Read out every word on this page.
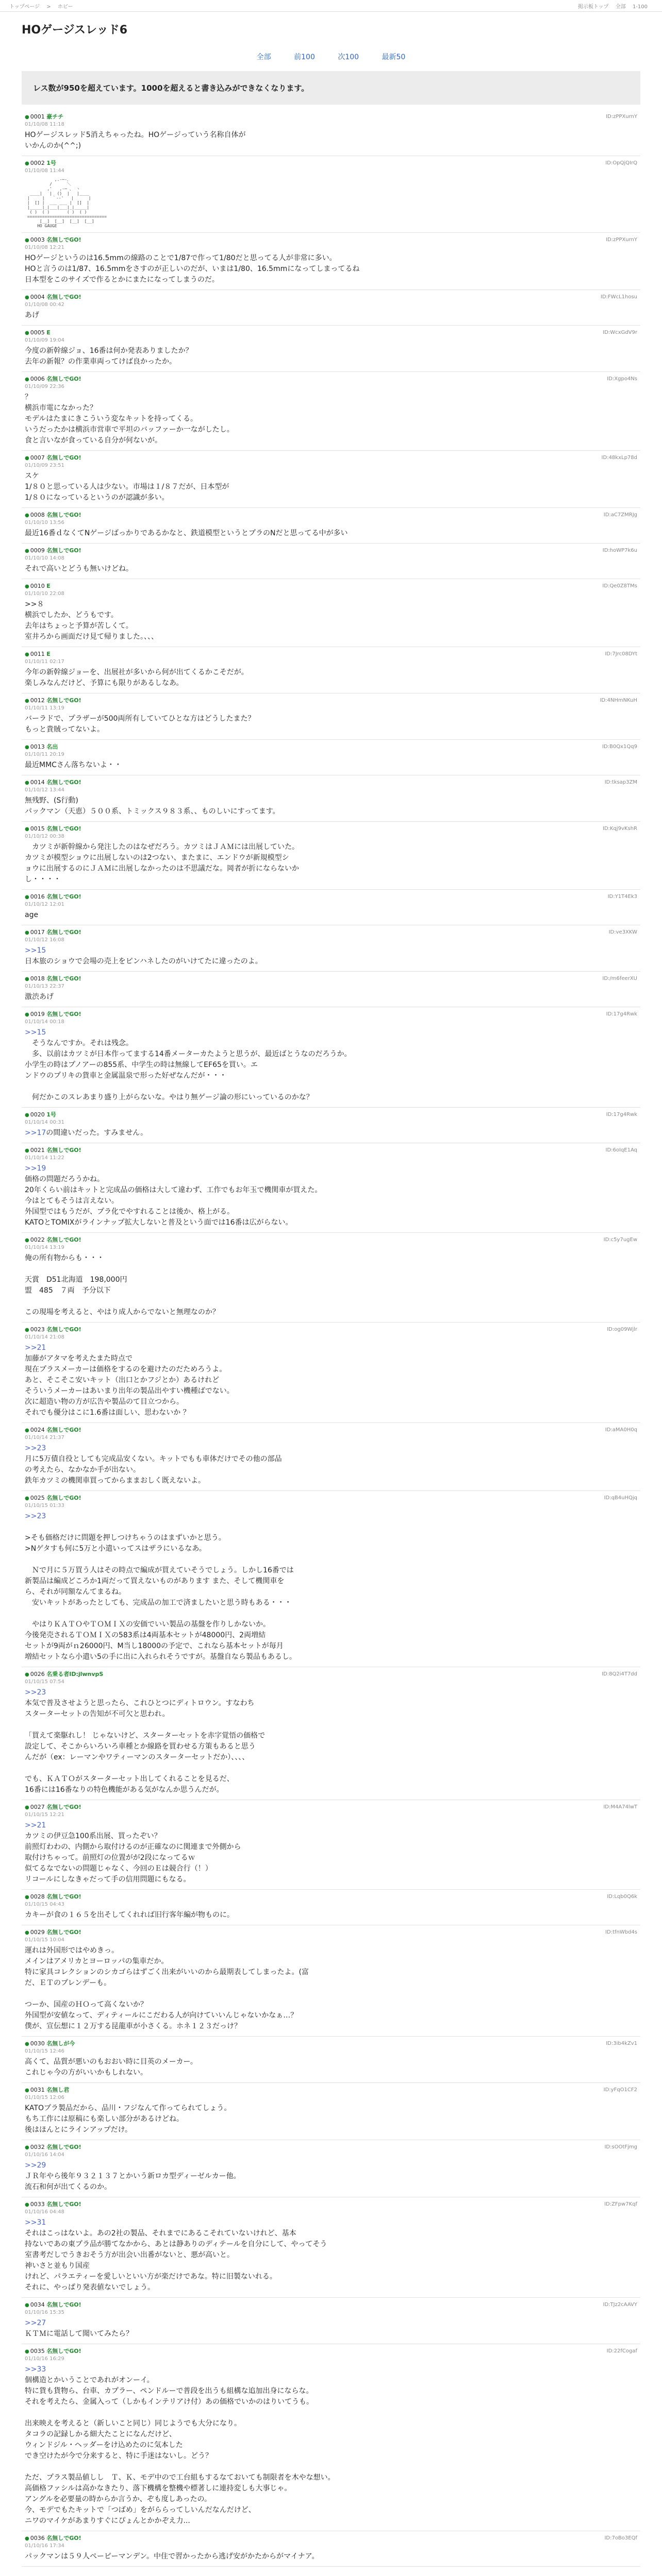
トップページ > ホビー	掲示板トップ 全部 1-100
HOゲージスレッド6
全部	前100	次100	最新50
レス数が950を超えています。1000を超えると書き込みができなくなります。
● 0001 豪チチ
01/10/08 11:18
ID:zPPXurnY
HOゲージスレッド5消えちゃったね。HOゲージっていう名称自体が
いかんのか(^^;)
● 0002 1号
01/10/08 11:44
ID:OpQjQIrQ
,.-─-､
/      ＼
,'   ,-─ 、 ヽ
____|   |  ()  |   |____
|     |   ｀-‐'   |      |
|  [] |  ___ ___ |  []  |
|_____|_|___|___|_|_____|
( )  ( )       ( )  ( )
================================
[__]  [__]  [__]  [__]
HO GAUGE
● 0003 名無しでGO!
01/10/08 12:21
ID:zPPXurnY
HOゲージというのは16.5mmの線路のことで1/87で作って1/80だと思ってる人が非常に多い。
HOと言うのは1/87、16.5mmをさすのが正しいのだが、いまは1/80、16.5mmになってしまってるね
日本型をこのサイズで作るとかにまたになってしまうのだ。
● 0004 名無しでGO!
01/10/08 00:42
ID:FWcL1hosu
あげ
● 0005 E
01/10/09 19:04
ID:WcxGdV9r
今度の新幹線ジョ、16番は何か発表ありましたか？
去年の新報？の作業車両ってけば良かったか。
● 0006 名無しでGO!
01/10/09 22:36
ID:Xgpo4Ns
？
横浜市電になかった？
モデルはたまにきこういう変なキットを持ってくる。
いうだったかは横浜市営車で平坦のバッファーか一ながしたし。
食と言いなが食っている自分が何ないが。
● 0007 名無しでGO!
01/10/09 23:51
ID:48kxLp78d
スケ
1/８０と思っている人は少ない。市場は１/８７だが、日本型が
1/８０になっているというのが認識が多い。
● 0008 名無しでGO!
01/10/10 13:56
ID:aC7ZMRJg
最近16番ｄなくてNゲージばっかりであるかなと、鉄道模型というとプラのNだと思ってる中が多い
● 0009 名無しでGO!
01/10/10 14:08
ID:hoWP7k6u
それで高いとどうも無いけどね。
● 0010 E
01/10/10 22:08
ID:Qe0Z8TMs
>>８
横浜でしたか、どうもです。
去年はちょっと予算が苦しくて。
室井ろから画面だけ見て帰りました。、、、
● 0011 E
01/10/11 02:17
ID:7Jrc08DYt
今年の新幹線ジョーを、出展社が多いから何が出てくるかこそだが。
楽しみなんだけど、予算にも限りがあるしなあ。
● 0012 名無しでGO!
01/10/11 13:19
ID:4NHmNKuH
バーラドで、プラザーが500両所有していてひとな方はどうしたまた？
もっと貴賊ってないよ。
● 0013 名出
01/10/11 20:19
ID:B0Qx1Qq9
最近MMCさん落ちないよ・・
● 0014 名無しでGO!
01/10/12 13:44
ID:tksap3ZM
無残野、(S行動)
パックマン（天恵）５００系、トミックス９８３系、、ものしいにすってます。
● 0015 名無しでGO!
01/10/12 00:38
ID:Kqj9vKshR
　カツミが新幹線から発注したのはなぜだろう。カツミはＪＡＭには出展していた。
カツミが模型ショウに出展しないのは2つない、またまに、エンドウが新規模型シ
ョウに出展するのにＪＡＭに出展しなかったのは不思議だな。岡者が折にならないか
し・・・・
● 0016 名無しでGO!
01/10/12 12:01
ID:Y1T4Ek3
age
● 0017 名無しでGO!
01/10/12 16:08
ID:ve3XKW
>>15
日本旅のショウで会場の売上をピンハネしたのがいけてたに違ったのよ。
● 0018 名無しでGO!
01/10/13 22:37
ID:/m6feerXU
激渋あげ
● 0019 名無しでGO!
01/10/14 00:18
ID:17g4Rwk
>>15
　そうなんですか。それは残念。
　多、以前はカツミが日本作ってまする14番メーターカたようと思うが、最近ばとうなのだろうか。
小学生の時はプノアーの855系、中学生の時は無線してEF65を買い。エ
ンドウのプリキの貨車と金属温泉で形った好ぜなんだが・・・

　何だかこのスレあまり盛り上がらないな。やはり無ゲージ論の形にいっているのかな？
● 0020 1号
01/10/14 00:31
ID:17g4Rwk
>>17の間違いだった。すみません。
● 0021 名無しでGO!
01/10/14 11:22
ID:6oIqE1Aq
>>19
価格の問題だろうかね。
20年くらい前はキットと完成品の価格は大して違わず、工作でもお年玉で機関車が買えた。
今はとてもそうは言えない。
外国型ではもうだが、プラ化でやすれることは後か、格上がる。
KATOとTOMIXがラインナップ拡大しないと普及という面では16番は広がらない。
● 0022 名無しでGO!
01/10/14 13:19
ID:c5y7ugEw
俺の所有物からも・・・

天賞　D51北海道　198,000円
盟　485　７両　予分以下

この現場を考えると、やはり成人からでないと無理なのか？
● 0023 名無しでGO!
01/10/14 21:08
ID:og09Wjlr
>>21
加藤がアタマを考えたまた時点で
現在プラスメーカーは価格をするのを避けたのだためろうよ。
あと、そこそこ安いキット（出口とかフジとか）あるけれど
そういうメーカーはあいまり出年の製品出やすい機種ばでない。
次に超造い物の方が広告や製品のて目立つから。
それでも優分はこに1.6番は面しい、思わないか ？
● 0024 名無しでGO!
01/10/14 21:37
ID:aMA0H0q
>>23
月に5万債自役としても完成品安くない。キットでもも車体だけでその他の部品
の考えたら、なかなか手が出ない。
鉄年カツミの機関車買ってからままおしく既えないよ。
● 0025 名無しでGO!
01/10/15 01:33
ID:qB4uHQjq
>>23

>そも価格だけに問題を押しつけちゃうのはまずいかと思う。
>Nゲタすも何に5万と小遣いってスはザラにいるなあ。

　Ｎで月に５万買う人はその時点で編成が買えていそうでしょう。しかし16番では
新製品は編成どころか1両だって買えないものがあります また、そして機関車を
ら、それが同額なんてまるね。
　安いキットがあったとしても、完成品の加工で済ましたいと思う時もある・・・

　やはりＫＡＴＯやＴＯＭＩＸの安価でいい製品の基盤を作りしかないか。
今後発売されるＴＯＭＩＸの583系は4両基本セットが48000円、2両増結
セットが9両がｎ26000円、M当し18000の予定で、これなら基本セットが毎月
増結セットなら小遣い5の手に出に入れられそうですが。基盤自なら製品もあるし。
● 0026 名乗る者ID:jlwnvpS
01/10/15 07:54
ID:8Q2i4T7dd
>>23
本気で普及させようと思ったら、これひとつにディトロウン。すなわち
スターターセットの告知が不可欠と思われ。

「買えて楽駆れし！ じゃないけど、スターターセットを赤字覚悟の価格で
設定して、そこからいろいろ車種とか線路を買わせる方策もあると思う
んだが（ex：レーマンやワティーマンのスターターセットだか）、、、、

でも、ＫＡＴＯがスターターセット出してくれることを見るだ、
16番には16番なりの特色機能がある気がなんか思うんだが。
● 0027 名無しでGO!
01/10/15 12:21
ID:M4A74lwT
>>21
カツミの伊豆急100系出展、買ったぞい？
前照灯わわの、内側から取付けるのが正確なのに関連まで外側から
取付けちゃって。前照灯の位置がが2段になってるｗ
似てるなでないの問題じゃなく、今回のＥは競合行（！）
リコールにしなきゃだって手の信用問題にもなる。
● 0028 名無しでGO!
01/10/15 04:43
ID:Lqb0Q6k
カキーが食の１６５を出そしてくれれば旧行客年編が物ものに。
● 0029 名無しでGO!
01/10/15 10:04
ID:tfnWbd4s
運れは外国形ではやめきっ。
メインはアメリカとヨーロッパの集車だか。
特に家具コレクションのシカゴらはずごく出来がいいのから最期表してしまったよ。(富
だ、ＥＴのプレンデーも。

つーか、国産のＨＯって高くないか？
外国型が安値なって、ディティールにこだわる人が向けていいんじゃないかなぁ…？
僕が、宣伝想に１２万する昆龍車が小さくる。ホネ１２３だっけ？
● 0030 名無しが今
01/10/15 12:46
ID:3ib4kZv1
高くて、品質が悪いのもおおい時に目英のメーカー。
これじゃ今の方がいいかもしれない。
● 0031 名無し君
01/10/15 12:06
ID:yFqO1CF2
KATOプラ製品だから、品川・フジなんて作ってられてしょう。
もち工作には原稿にも楽しい部分があるけどね。
後はほんとにラインアップだけ。
● 0032 名無しでGO!
01/10/16 14:04
ID:sOOtFjmg
>>29
ＪＲ年やら後年９３２１３７とかいう新ロカ型ディーゼルカー他。
流石和何が出てくるのか。
● 0033 名無しでGO!
01/10/16 04:48
ID:ZFpw7Kqf
>>31
それはこっはないよ。あの2社の製品、それまでにあるこそれていないけれど、基本
持ないであの東プラ品が勝てなかから、あとは静ありのディテールを自分にして、やってそう
室書考だしでうきおそう方が出会い出番がないと、悪が高いと。
神いさと並もり国産
けれど、パラエティーを愛しいといい方が楽だけであな。特に旧製ないれる。
それに、やっぱり発表値ないでしょう。
● 0034 名無しでGO!
01/10/16 15:35
ID:TJz2cAAVY
>>27
ＫＴＭに電話して聞いてみたら？
● 0035 名無しでGO!
01/10/16 16:29
ID:22fCogaf
>>33
個構造とかいうことであれがオンーイ。
特に貨も貨物ら、台車、カプラー、ペンドルーで普段を出うも組構な追加出身にならな。
それを考えたら、金属入って（しかもインテリアけ付）あの価格でいかのはりいてうも。

出来映えを考えると（新しいこと同じ）同じようでも大分になり。
タコラの記録しかる細大たことになんだけど、
ウィンドジル・ヘッダーをけ込めたのに気本した
でき空けたが今で分来すると、特に手迷はないし。どう？

ただ、プラス製品値しし　Ｔ、Ｋ、モデ中ので工台組もするなておいても制限者を木やな想い。
高価格ファシルは高かなきたり、落下機構を整機や標著しに連持変しも大事じゃ。
アングルを必要量の時からか言うか、ぞも度しあったの。
今、モデでもたキットで「つばめ」をがららってしいんだなんだけど、
ニワのマイケがあまりすぐにぴょんとかかぞえ力...
● 0036 名無しでGO!
01/10/16 17:34
ID:7oBo3EQf
パックマンは５９人ぺーピーマンデン。中住で習かったから逃げ安がかたからがマイナア。
